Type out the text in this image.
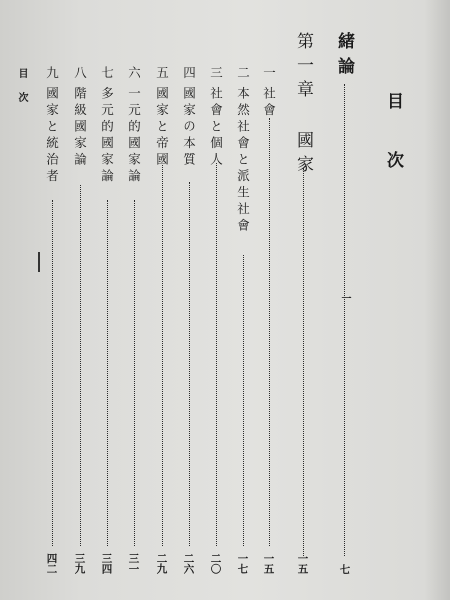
目次
緒論
一
七
第一章 國家
一五
一社會
一五
二本然社會と派生社會
一七
三社會と個人
二〇
四國家の本質
二六
五國家と帝國
二九
六一元的國家論
三一
七多元的國家論
三四
八階級國家論
三九
九國家と統治者
四二
目次
